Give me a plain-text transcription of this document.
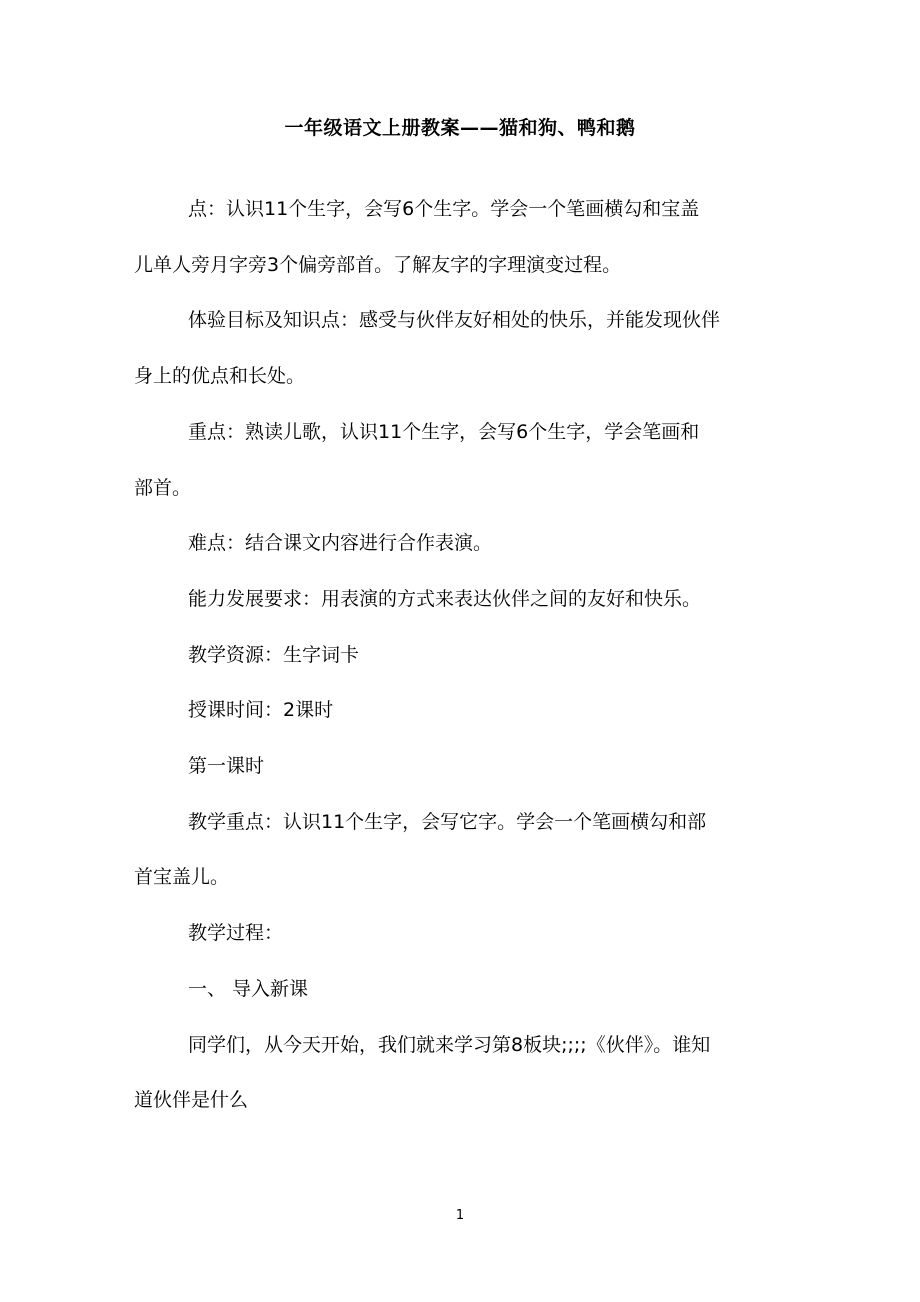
一年级语文上册教案——猫和狗、鸭和鹅
点：认识11个生字，会写6个生字。学会一个笔画横勾和宝盖
儿单人旁月字旁3个偏旁部首。了解友字的字理演变过程。
体验目标及知识点：感受与伙伴友好相处的快乐，并能发现伙伴
身上的优点和长处。
重点：熟读儿歌，认识11个生字，会写6个生字，学会笔画和
部首。
难点：结合课文内容进行合作表演。
能力发展要求：用表演的方式来表达伙伴之间的友好和快乐。
教学资源：生字词卡
授课时间：2课时
第一课时
教学重点：认识11个生字，会写它字。学会一个笔画横勾和部
首宝盖儿。
教学过程：
一、 导入新课
同学们，从今天开始，我们就来学习第8板块;;;;《伙伴》。谁知
道伙伴是什么
1
